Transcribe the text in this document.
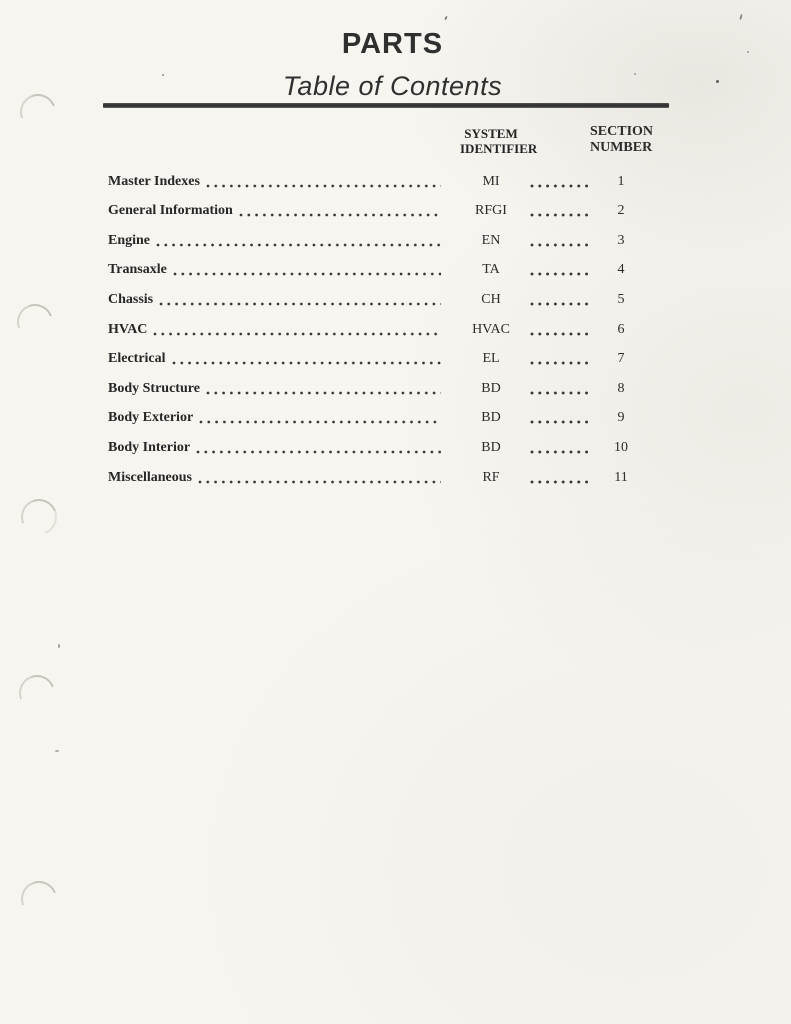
PARTS
Table of Contents
SYSTEM
IDENTIFIER
SECTION
NUMBER
Master Indexes	MI	1
General Information	RFGI	2
Engine	EN	3
Transaxle	TA	4
Chassis	CH	5
HVAC	HVAC	6
Electrical	EL	7
Body Structure	BD	8
Body Exterior	BD	9
Body Interior	BD	10
Miscellaneous	RF	11
